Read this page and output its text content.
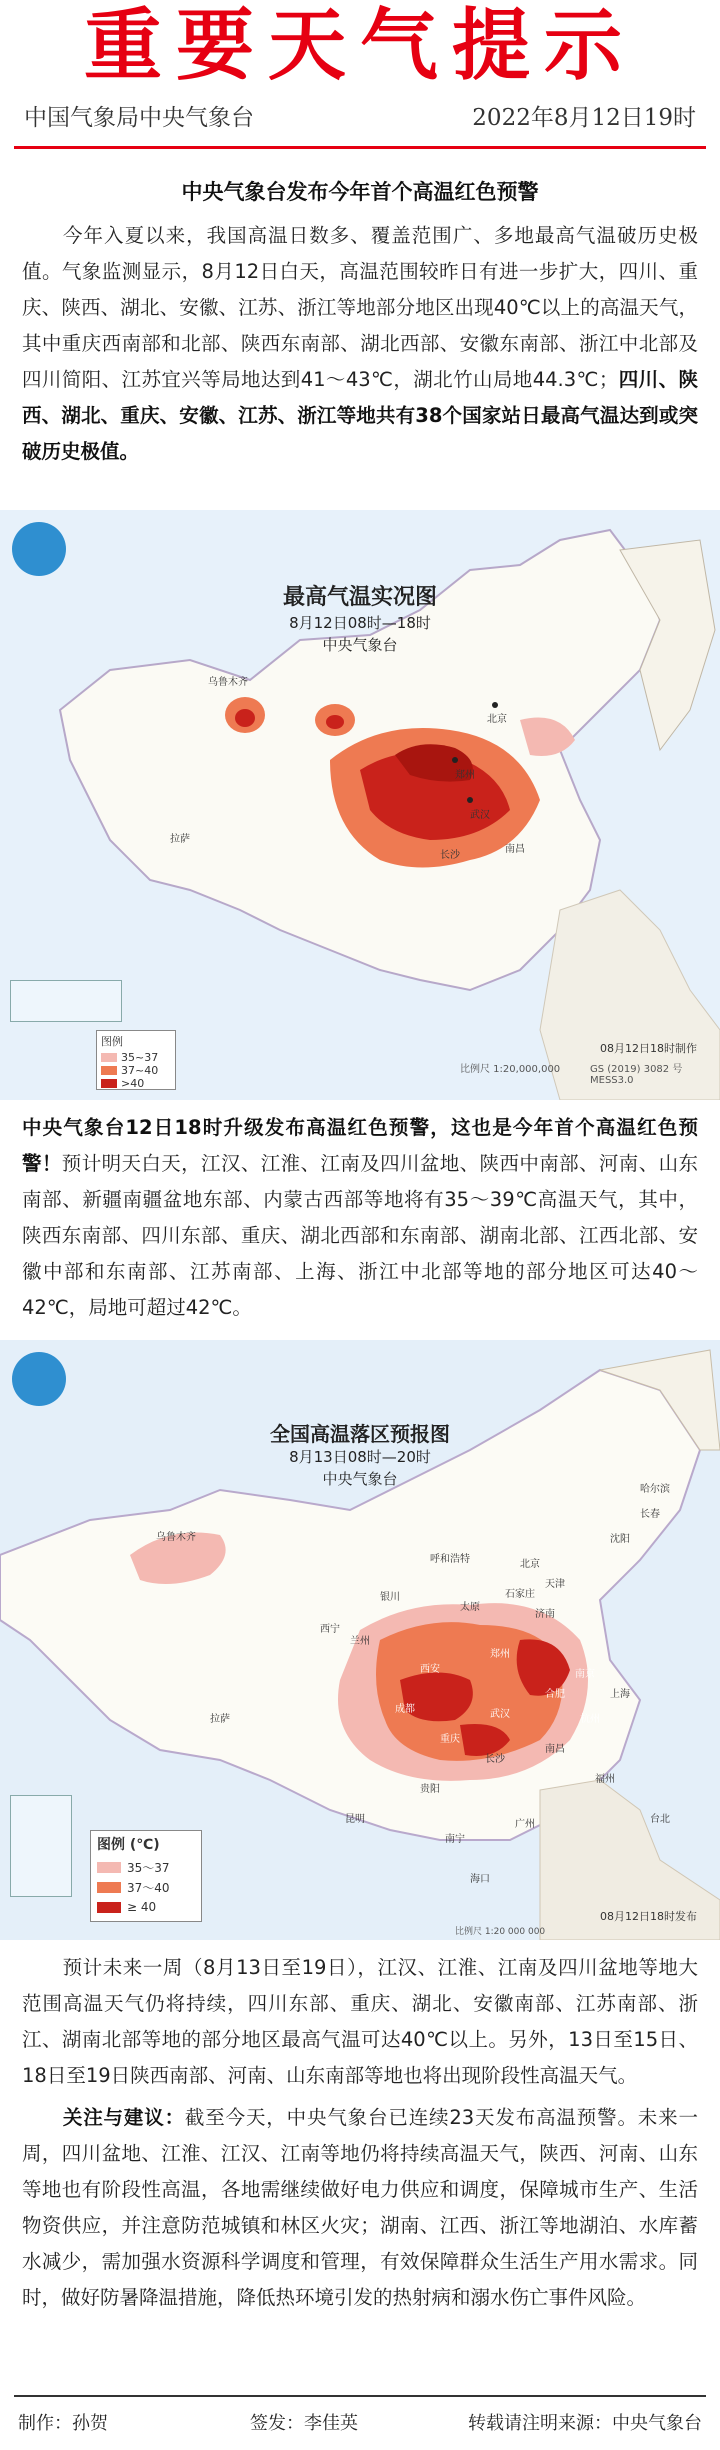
重要天气提示
中国气象局中央气象台	2022年8月12日19时
中央气象台发布今年首个高温红色预警
今年入夏以来，我国高温日数多、覆盖范围广、多地最高气温破历史极值。气象监测显示，8月12日白天，高温范围较昨日有进一步扩大，四川、重庆、陕西、湖北、安徽、江苏、浙江等地部分地区出现40℃以上的高温天气，其中重庆西南部和北部、陕西东南部、湖北西部、安徽东南部、浙江中北部及四川简阳、江苏宜兴等局地达到41～43℃，湖北竹山局地44.3℃；四川、陕西、湖北、重庆、安徽、江苏、浙江等地共有38个国家站日最高气温达到或突破历史极值。
最高气温实况图
8月12日08时—18时
中央气象台
乌鲁木齐
北京
郑州
武汉
长沙
南昌
拉萨
图例
35~37
37~40
>40
比例尺 1:20,000,000	GS (2019) 3082 号 MESS3.0
08月12日18时制作
中央气象台12日18时升级发布高温红色预警，这也是今年首个高温红色预警！预计明天白天，江汉、江淮、江南及四川盆地、陕西中南部、河南、山东南部、新疆南疆盆地东部、内蒙古西部等地将有35～39℃高温天气，其中，陕西东南部、四川东部、重庆、湖北西部和东南部、湖南北部、江西北部、安徽中部和东南部、江苏南部、上海、浙江中北部等地的部分地区可达40～42℃，局地可超过42℃。
全国高温落区预报图
8月13日08时—20时
中央气象台
乌鲁木齐
哈尔滨
长春
沈阳
北京
天津
呼和浩特
石家庄
太原
济南
银川
西宁
兰州
西安
郑州
合肥
南京
上海
杭州
武汉
成都
重庆
长沙
南昌
福州
贵阳
昆明
南宁
广州
拉萨
台北
海口
图例 (℃)
35～37
37～40
≥ 40
08月12日18时发布
比例尺 1:20 000 000
预计未来一周（8月13日至19日），江汉、江淮、江南及四川盆地等地大范围高温天气仍将持续，四川东部、重庆、湖北、安徽南部、江苏南部、浙江、湖南北部等地的部分地区最高气温可达40℃以上。另外，13日至15日、18日至19日陕西南部、河南、山东南部等地也将出现阶段性高温天气。
关注与建议：截至今天，中央气象台已连续23天发布高温预警。未来一周，四川盆地、江淮、江汉、江南等地仍将持续高温天气，陕西、河南、山东等地也有阶段性高温，各地需继续做好电力供应和调度，保障城市生产、生活物资供应，并注意防范城镇和林区火灾；湖南、江西、浙江等地湖泊、水库蓄水减少，需加强水资源科学调度和管理，有效保障群众生活生产用水需求。同时，做好防暑降温措施，降低热环境引发的热射病和溺水伤亡事件风险。
制作：孙贺	签发：李佳英	转载请注明来源：中央气象台
